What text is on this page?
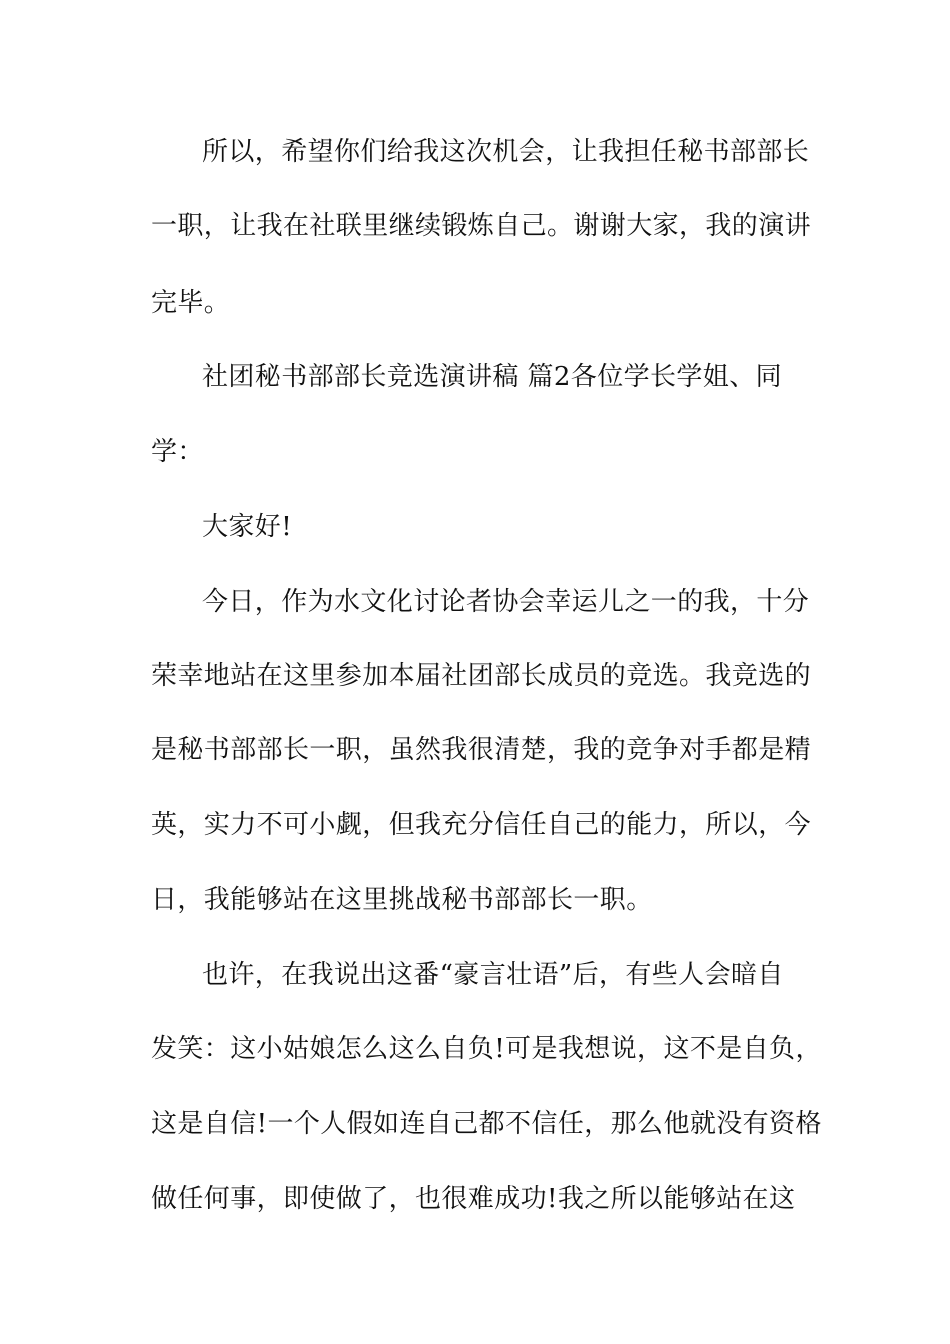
所以，希望你们给我这次机会，让我担任秘书部部长
一职，让我在社联里继续锻炼自己。谢谢大家，我的演讲
完毕。
社团秘书部部长竞选演讲稿 篇2各位学长学姐、同
学：
大家好!
今日，作为水文化讨论者协会幸运儿之一的我，十分
荣幸地站在这里参加本届社团部长成员的竞选。我竞选的
是秘书部部长一职，虽然我很清楚，我的竞争对手都是精
英，实力不可小觑，但我充分信任自己的能力，所以，今
日，我能够站在这里挑战秘书部部长一职。
也许，在我说出这番“豪言壮语”后，有些人会暗自
发笑：这小姑娘怎么这么自负!可是我想说，这不是自负，
这是自信!一个人假如连自己都不信任，那么他就没有资格
做任何事，即使做了，也很难成功!我之所以能够站在这
